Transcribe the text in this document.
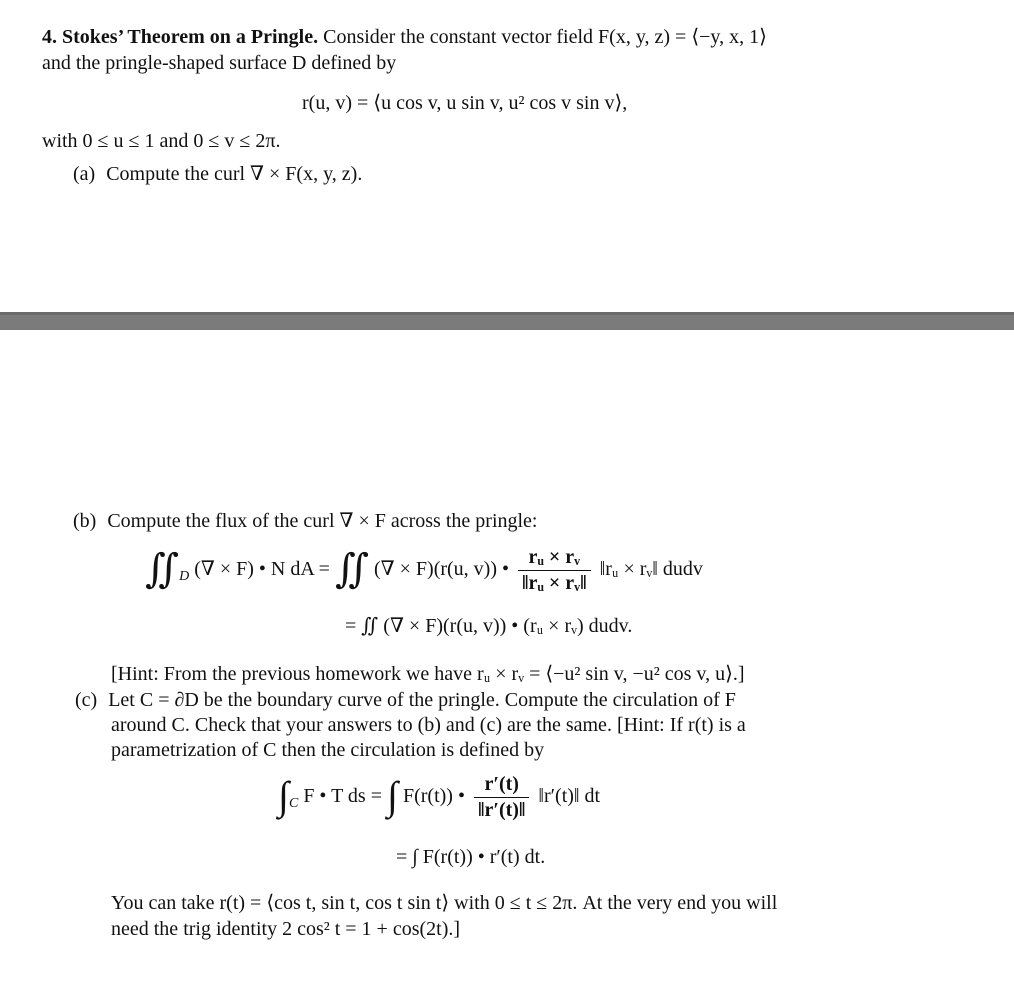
4. Stokes’ Theorem on a Pringle. Consider the constant vector field F(x, y, z) = ⟨−y, x, 1⟩
and the pringle-shaped surface D defined by
r(u, v) = ⟨u cos v, u sin v, u² cos v sin v⟩,
with 0 ≤ u ≤ 1 and 0 ≤ v ≤ 2π.
(a) Compute the curl ∇ × F(x, y, z).
(b) Compute the flux of the curl ∇ × F across the pringle:
$∬_D$ (∇ × F) • N dA = ∬ (∇ × F)(r(u, v)) • $\frac{\text{rᵤ × rᵥ}}{\text{‖rᵤ × rᵥ‖}}$ ‖rᵤ × rᵥ‖ dudv
= ∬ (∇ × F)(r(u, v)) • (rᵤ × rᵥ) dudv.
[Hint: From the previous homework we have rᵤ × rᵥ = ⟨−u² sin v, −u² cos v, u⟩.]
(c) Let C = ∂D be the boundary curve of the pringle. Compute the circulation of F
around C. Check that your answers to (b) and (c) are the same. [Hint: If r(t) is a
parametrization of C then the circulation is defined by
$\int_C$ F • T ds = ∫ F(r(t)) • $\frac{r'(t)}{‖r'(t)‖}$ ‖r′(t)‖ dt
= ∫ F(r(t)) • r′(t) dt.
You can take r(t) = ⟨cos t, sin t, cos t sin t⟩ with 0 ≤ t ≤ 2π. At the very end you will
need the trig identity 2 cos² t = 1 + cos(2t).]
